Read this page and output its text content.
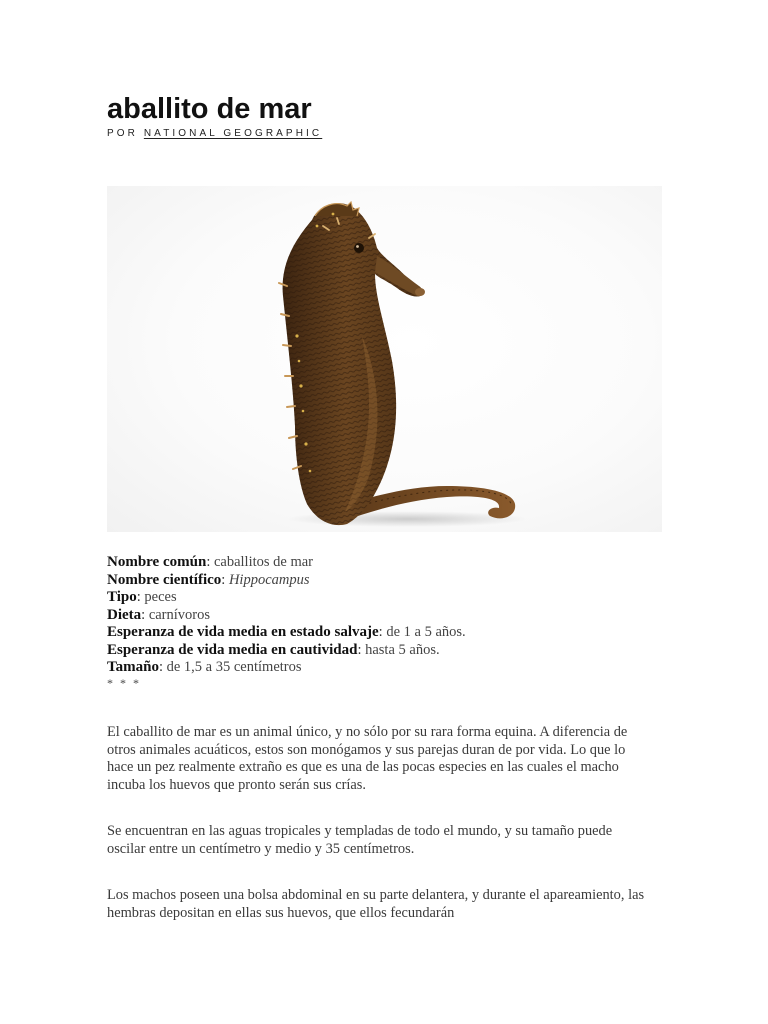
aballito de mar
POR NATIONAL GEOGRAPHIC
Nombre común: caballitos de mar
Nombre científico: Hippocampus
Tipo: peces
Dieta: carnívoros
Esperanza de vida media en estado salvaje: de 1 a 5 años.
Esperanza de vida media en cautividad: hasta 5 años.
Tamaño: de 1,5 a 35 centímetros
* * *

El caballito de mar es un animal único, y no sólo por su rara forma equina. A diferencia de otros animales acuáticos, estos son monógamos y sus parejas duran de por vida. Lo que lo hace un pez realmente extraño es que es una de las pocas especies en las cuales el macho incuba los huevos que pronto serán sus crías.

Se encuentran en las aguas tropicales y templadas de todo el mundo, y su tamaño puede oscilar entre un centímetro y medio y 35 centímetros.

Los machos poseen una bolsa abdominal en su parte delantera, y durante el apareamiento, las hembras depositan en ellas sus huevos, que ellos fecundarán
